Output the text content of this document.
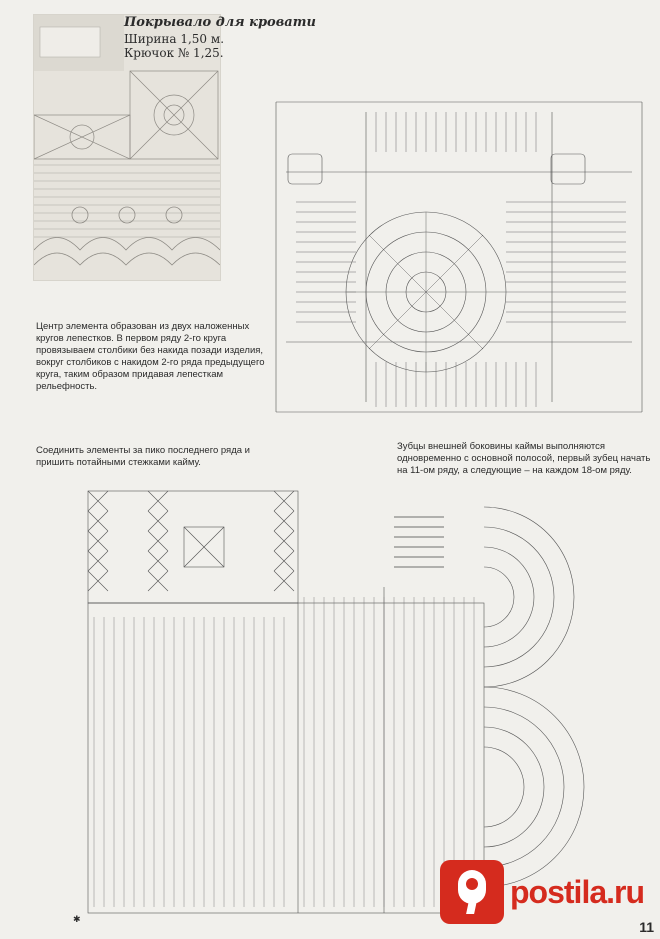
Покрывало для кровати
Ширина 1,50 м.
Крючок № 1,25.
Центр элемента образован из двух наложенных кругов лепестков. В первом ряду 2-го круга провязываем столбики без накида позади изделия, вокруг столбиков с накидом 2-го ряда предыдущего круга, таким образом придавая лепесткам рельефность.
Соединить элементы за пико последнего ряда и пришить потайными стежками кайму.
Зубцы внешней боковины каймы выполняются одновременно с основной полосой, первый зубец начать на 11-ом ряду, а следующие – на каждом 18-ом ряду.
✱
postila.ru
11
